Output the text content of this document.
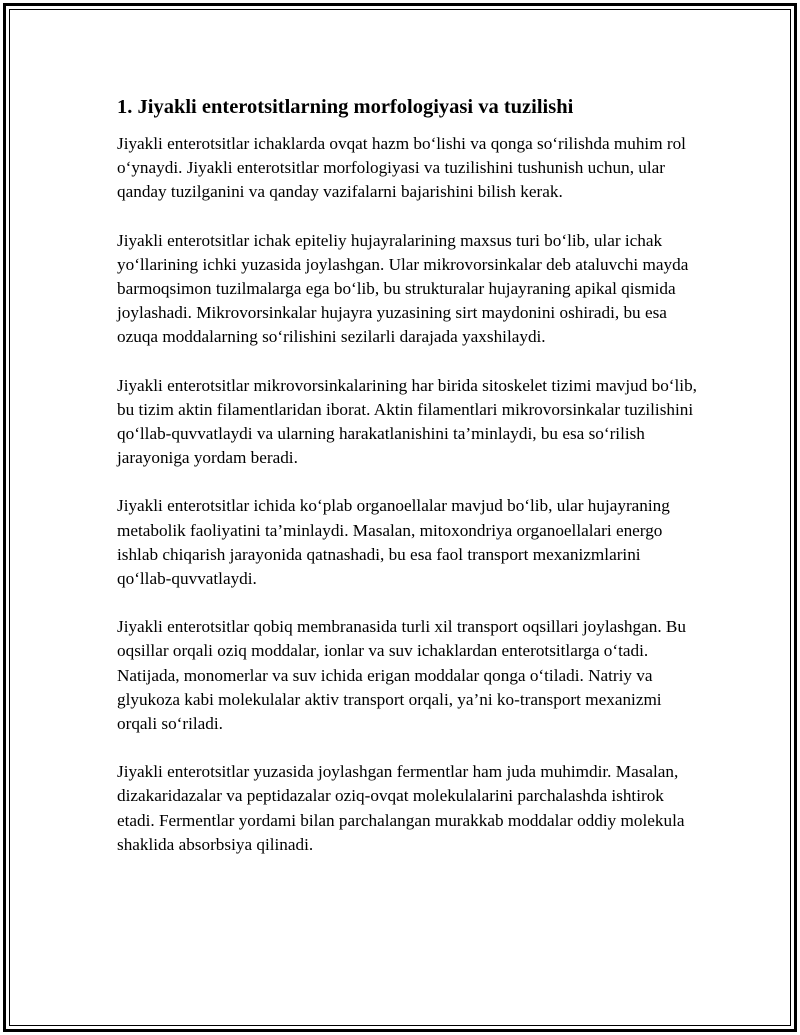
1. Jiyakli enterotsitlarning morfologiyasi va tuzilishi

Jiyakli enterotsitlar ichaklarda ovqat hazm bo‘lishi va qonga so‘rilishda muhim rol o‘ynaydi. Jiyakli enterotsitlar morfologiyasi va tuzilishini tushunish uchun, ular qanday tuzilganini va qanday vazifalarni bajarishini bilish kerak.

Jiyakli enterotsitlar ichak epiteliy hujayralarining maxsus turi bo‘lib, ular ichak yo‘llarining ichki yuzasida joylashgan. Ular mikrovorsinkalar deb ataluvchi mayda barmoqsimon tuzilmalarga ega bo‘lib, bu strukturalar hujayraning apikal qismida joylashadi. Mikrovorsinkalar hujayra yuzasining sirt maydonini oshiradi, bu esa ozuqa moddalarning so‘rilishini sezilarli darajada yaxshilaydi.

Jiyakli enterotsitlar mikrovorsinkalarining har birida sitoskelet tizimi mavjud bo‘lib, bu tizim aktin filamentlaridan iborat. Aktin filamentlari mikrovorsinkalar tuzilishini qo‘llab-quvvatlaydi va ularning harakatlanishini ta’minlaydi, bu esa so‘rilish jarayoniga yordam beradi.

Jiyakli enterotsitlar ichida ko‘plab organoellalar mavjud bo‘lib, ular hujayraning metabolik faoliyatini ta’minlaydi. Masalan, mitoxondriya organoellalari energo ishlab chiqarish jarayonida qatnashadi, bu esa faol transport mexanizmlarini qo‘llab-quvvatlaydi.

Jiyakli enterotsitlar qobiq membranasida turli xil transport oqsillari joylashgan. Bu oqsillar orqali oziq moddalar, ionlar va suv ichaklardan enterotsitlarga o‘tadi. Natijada, monomerlar va suv ichida erigan moddalar qonga o‘tiladi. Natriy va glyukoza kabi molekulalar aktiv transport orqali, ya’ni ko-transport mexanizmi orqali so‘riladi.

Jiyakli enterotsitlar yuzasida joylashgan fermentlar ham juda muhimdir. Masalan, dizakaridazalar va peptidazalar oziq-ovqat molekulalarini parchalashda ishtirok etadi. Fermentlar yordami bilan parchalangan murakkab moddalar oddiy molekula shaklida absorbsiya qilinadi.
